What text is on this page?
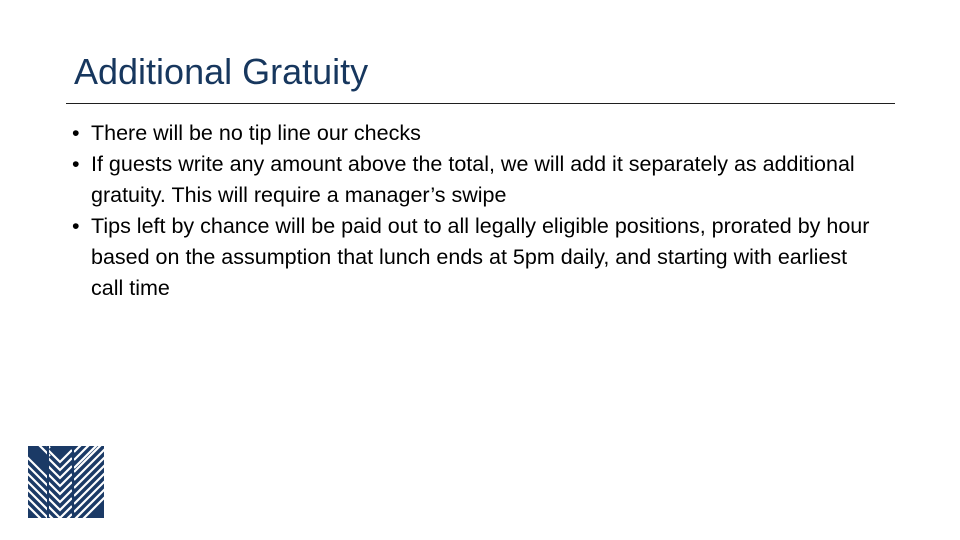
Additional Gratuity
• There will be no tip line our checks
• If guests write any amount above the total, we will add it separately as additional gratuity. This will require a manager’s swipe
• Tips left by chance will be paid out to all legally eligible positions, prorated by hour based on the assumption that lunch ends at 5pm daily, and starting with earliest call time
